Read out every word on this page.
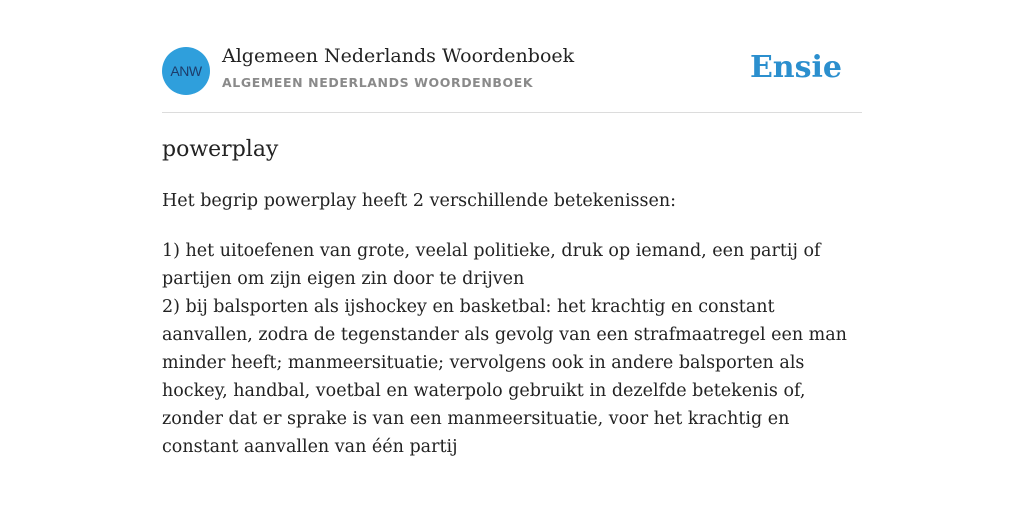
ANW
Algemeen Nederlands Woordenboek
ALGEMEEN NEDERLANDS WOORDENBOEK	Ensie
powerplay
Het begrip powerplay heeft 2 verschillende betekenissen:

1) het uitoefenen van grote, veelal politieke, druk op iemand, een partij of partijen om zijn eigen zin door te drijven

2) bij balsporten als ijshockey en basketbal: het krachtig en constant aanvallen, zodra de tegenstander als gevolg van een strafmaatregel een man minder heeft; manmeersituatie; vervolgens ook in andere balsporten als hockey, handbal, voetbal en waterpolo gebruikt in dezelfde betekenis of, zonder dat er sprake is van een manmeersituatie, voor het krachtig en constant aanvallen van één partij
